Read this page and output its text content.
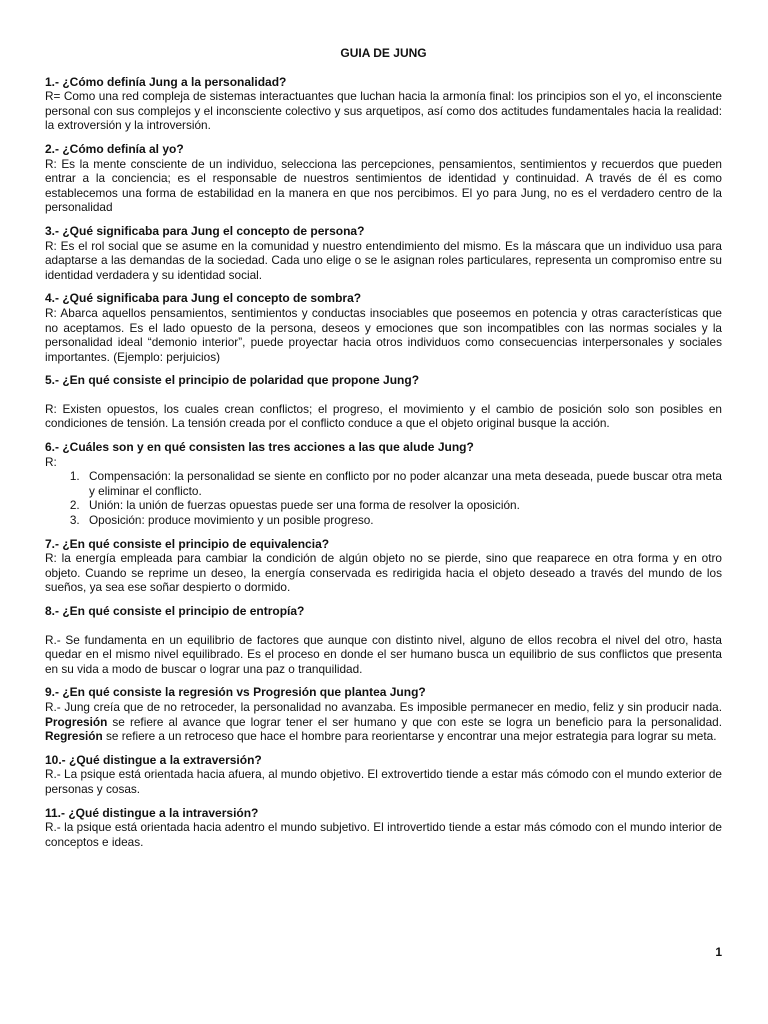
GUIA DE JUNG
1.- ¿Cómo definía Jung a la personalidad?

R= Como una red compleja de sistemas interactuantes que luchan hacia la armonía final: los principios son el yo, el inconsciente personal con sus complejos y el inconsciente colectivo y sus arquetipos, así como dos actitudes fundamentales hacia la realidad: la extroversión y la introversión.

2.- ¿Cómo definía al yo?

R: Es la mente consciente de un individuo, selecciona las percepciones, pensamientos, sentimientos y recuerdos que pueden entrar a la conciencia; es el responsable de nuestros sentimientos de identidad y continuidad. A través de él es como establecemos una forma de estabilidad en la manera en que nos percibimos. El yo para Jung, no es el verdadero centro de la personalidad

3.- ¿Qué significaba para Jung el concepto de persona?

R: Es el rol social que se asume en la comunidad y nuestro entendimiento del mismo. Es la máscara que un individuo usa para adaptarse a las demandas de la sociedad. Cada uno elige o se le asignan roles particulares, representa un compromiso entre su identidad verdadera y su identidad social.

4.- ¿Qué significaba para Jung el concepto de sombra?

R: Abarca aquellos pensamientos, sentimientos y conductas insociables que poseemos en potencia y otras características que no aceptamos. Es el lado opuesto de la persona, deseos y emociones que son incompatibles con las normas sociales y la personalidad ideal “demonio interior”, puede proyectar hacia otros individuos como consecuencias interpersonales y sociales importantes. (Ejemplo: perjuicios)

5.- ¿En qué consiste el principio de polaridad que propone Jung?

R: Existen opuestos, los cuales crean conflictos; el progreso, el movimiento y el cambio de posición solo son posibles en condiciones de tensión. La tensión creada por el conflicto conduce a que el objeto original busque la acción.

6.- ¿Cuáles son y en qué consisten las tres acciones a las que alude Jung?

R:

1. Compensación: la personalidad se siente en conflicto por no poder alcanzar una meta deseada, puede buscar otra meta y eliminar el conflicto.
2. Unión: la unión de fuerzas opuestas puede ser una forma de resolver la oposición.
3. Oposición: produce movimiento y un posible progreso.
7.- ¿En qué consiste el principio de equivalencia?

R: la energía empleada para cambiar la condición de algún objeto no se pierde, sino que reaparece en otra forma y en otro objeto. Cuando se reprime un deseo, la energía conservada es redirigida hacia el objeto deseado a través del mundo de los sueños, ya sea ese soñar despierto o dormido.

8.- ¿En qué consiste el principio de entropía?

R.- Se fundamenta en un equilibrio de factores que aunque con distinto nivel, alguno de ellos recobra el nivel del otro, hasta quedar en el mismo nivel equilibrado. Es el proceso en donde el ser humano busca un equilibrio de sus conflictos que presenta en su vida a modo de buscar o lograr una paz o tranquilidad.

9.- ¿En qué consiste la regresión vs Progresión que plantea Jung?

R.- Jung creía que de no retroceder, la personalidad no avanzaba. Es imposible permanecer en medio, feliz y sin producir nada. Progresión se refiere al avance que lograr tener el ser humano y que con este se logra un beneficio para la personalidad. Regresión se refiere a un retroceso que hace el hombre para reorientarse y encontrar una mejor estrategia para lograr su meta.

10.- ¿Qué distingue a la extraversión?

R.- La psique está orientada hacia afuera, al mundo objetivo. El extrovertido tiende a estar más cómodo con el mundo exterior de personas y cosas.

11.- ¿Qué distingue a la intraversión?

R.- la psique está orientada hacia adentro el mundo subjetivo. El introvertido tiende a estar más cómodo con el mundo interior de conceptos e ideas.

1
